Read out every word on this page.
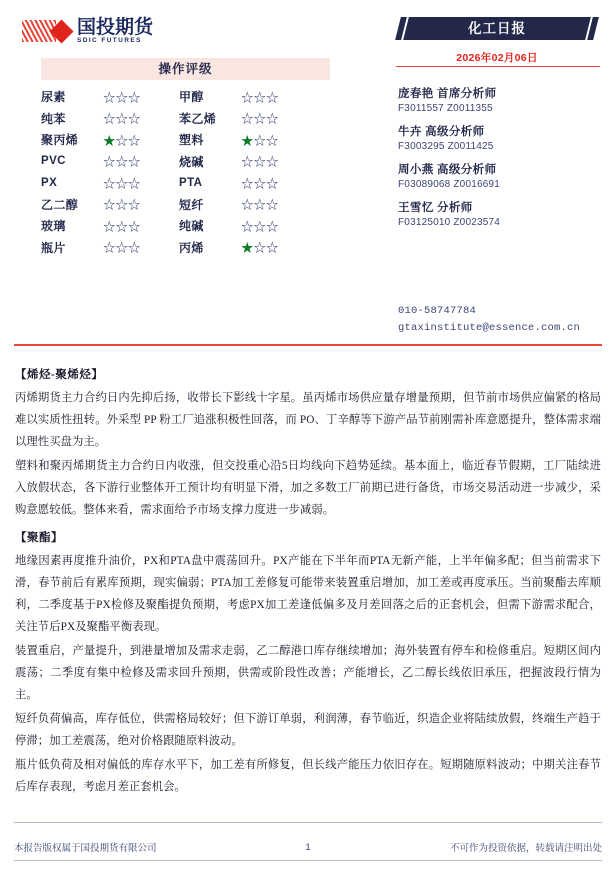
国投期货
SDIC FUTURES
化工日报
2026年02月06日
操作评级
尿素	☆☆☆	甲醇	☆☆☆
纯苯	☆☆☆	苯乙烯	☆☆☆
聚丙烯	★☆☆	塑料	★☆☆
PVC	☆☆☆	烧碱	☆☆☆
PX	☆☆☆	PTA	☆☆☆
乙二醇	☆☆☆	短纤	☆☆☆
玻璃	☆☆☆	纯碱	☆☆☆
瓶片	☆☆☆	丙烯	★☆☆
庞春艳 首席分析师
F3011557 Z0011355
牛卉 高级分析师
F3003295 Z0011425
周小燕 高级分析师
F03089068 Z0016691
王雪忆 分析师
F03125010 Z0023574
010-58747784
gtaxinstitute@essence.com.cn
【烯烃-聚烯烃】

丙烯期货主力合约日内先抑后扬，收带长下影线十字星。虽丙烯市场供应量存增量预期，但节前市场供应偏紧的格局难以实质性扭转。外采型 PP 粉工厂追涨积极性回落，而 PO、丁辛醇等下游产品节前刚需补库意愿提升，整体需求端以理性买盘为主。

塑料和聚丙烯期货主力合约日内收涨，但交投重心沿5日均线向下趋势延续。基本面上，临近春节假期，工厂陆续进入放假状态，各下游行业整体开工预计均有明显下滑，加之多数工厂前期已进行备货，市场交易活动进一步减少，采购意愿较低。整体来看，需求面给予市场支撑力度进一步减弱。

【聚酯】

地缘因素再度推升油价，PX和PTA盘中震荡回升。PX产能在下半年而PTA无新产能，上半年偏多配；但当前需求下滑，春节前后有累库预期，现实偏弱；PTA加工差修复可能带来装置重启增加，加工差或再度承压。当前聚酯去库顺利，二季度基于PX检修及聚酯提负预期，考虑PX加工差逢低偏多及月差回落之后的正套机会，但需下游需求配合，关注节后PX及聚酯平衡表现。

装置重启，产量提升，到港量增加及需求走弱，乙二醇港口库存继续增加；海外装置有停车和检修重启。短期区间内震荡；二季度有集中检修及需求回升预期，供需或阶段性改善；产能增长，乙二醇长线依旧承压，把握波段行情为主。

短纤负荷偏高，库存低位，供需格局较好；但下游订单弱，利润薄，春节临近，织造企业将陆续放假，终端生产趋于停滞；加工差震荡，绝对价格跟随原料波动。

瓶片低负荷及相对偏低的库存水平下，加工差有所修复，但长线产能压力依旧存在。短期随原料波动；中期关注春节后库存表现，考虑月差正套机会。

本报告版权属于国投期货有限公司	1	不可作为投资依据，转载请注明出处
